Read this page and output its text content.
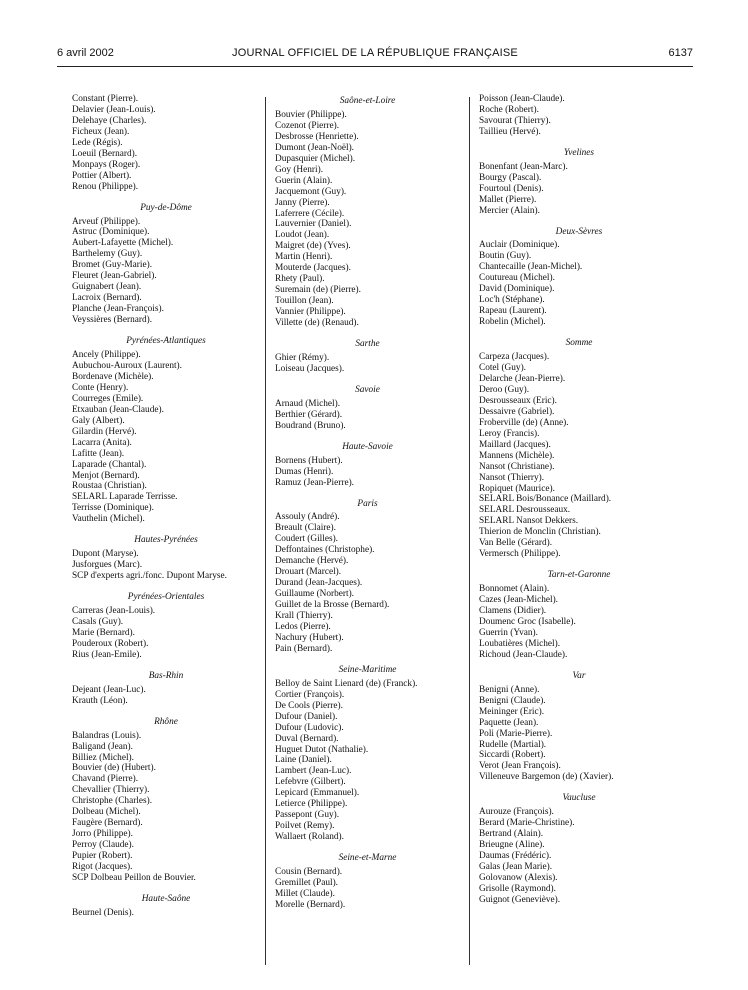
6 avril 2002	JOURNAL OFFICIEL DE LA RÉPUBLIQUE FRANÇAISE	6137
Constant (Pierre).
Delavier (Jean-Louis).
Delehaye (Charles).
Ficheux (Jean).
Lede (Régis).
Loeuil (Bernard).
Monpays (Roger).
Pottier (Albert).
Renou (Philippe).
Puy-de-Dôme
Arveuf (Philippe).
Astruc (Dominique).
Aubert-Lafayette (Michel).
Barthelemy (Guy).
Bromet (Guy-Marie).
Fleuret (Jean-Gabriel).
Guignabert (Jean).
Lacroix (Bernard).
Planche (Jean-François).
Veyssières (Bernard).
Pyrénées-Atlantiques
Ancely (Philippe).
Aubuchou-Auroux (Laurent).
Bordenave (Michèle).
Conte (Henry).
Courreges (Emile).
Etxauban (Jean-Claude).
Galy (Albert).
Gilardin (Hervé).
Lacarra (Anita).
Lafitte (Jean).
Laparade (Chantal).
Menjot (Bernard).
Roustaa (Christian).
SELARL Laparade Terrisse.
Terrisse (Dominique).
Vauthelin (Michel).
Hautes-Pyrénées
Dupont (Maryse).
Jusforgues (Marc).
SCP d'experts agri./fonc. Dupont Maryse.
Pyrénées-Orientales
Carreras (Jean-Louis).
Casals (Guy).
Marie (Bernard).
Pouderoux (Robert).
Rius (Jean-Emile).
Bas-Rhin
Dejeant (Jean-Luc).
Krauth (Léon).
Rhône
Balandras (Louis).
Baligand (Jean).
Billiez (Michel).
Bouvier (de) (Hubert).
Chavand (Pierre).
Chevallier (Thierry).
Christophe (Charles).
Dolbeau (Michel).
Faugère (Bernard).
Jorro (Philippe).
Perroy (Claude).
Pupier (Robert).
Rigot (Jacques).
SCP Dolbeau Peillon de Bouvier.
Haute-Saône
Beurnel (Denis).
Saône-et-Loire
Bouvier (Philippe).
Cozenot (Pierre).
Desbrosse (Henriette).
Dumont (Jean-Noël).
Dupasquier (Michel).
Goy (Henri).
Guerin (Alain).
Jacquemont (Guy).
Janny (Pierre).
Laferrere (Cécile).
Lauvernier (Daniel).
Loudot (Jean).
Maigret (de) (Yves).
Martin (Henri).
Mouterde (Jacques).
Rhety (Paul).
Suremain (de) (Pierre).
Touillon (Jean).
Vannier (Philippe).
Villette (de) (Renaud).
Sarthe
Ghier (Rémy).
Loiseau (Jacques).
Savoie
Arnaud (Michel).
Berthier (Gérard).
Boudrand (Bruno).
Haute-Savoie
Bornens (Hubert).
Dumas (Henri).
Ramuz (Jean-Pierre).
Paris
Assouly (André).
Breault (Claire).
Coudert (Gilles).
Deffontaines (Christophe).
Demanche (Hervé).
Drouart (Marcel).
Durand (Jean-Jacques).
Guillaume (Norbert).
Guillet de la Brosse (Bernard).
Krall (Thierry).
Ledos (Pierre).
Nachury (Hubert).
Pain (Bernard).
Seine-Maritime
Belloy de Saint Lienard (de) (Franck).
Cortier (François).
De Cools (Pierre).
Dufour (Daniel).
Dufour (Ludovic).
Duval (Bernard).
Huguet Dutot (Nathalie).
Laine (Daniel).
Lambert (Jean-Luc).
Lefebvre (Gilbert).
Lepicard (Emmanuel).
Letierce (Philippe).
Passepont (Guy).
Poilvet (Remy).
Wallaert (Roland).
Seine-et-Marne
Cousin (Bernard).
Gremillet (Paul).
Millet (Claude).
Morelle (Bernard).
Poisson (Jean-Claude).
Roche (Robert).
Savourat (Thierry).
Taillieu (Hervé).
Yvelines
Bonenfant (Jean-Marc).
Bourgy (Pascal).
Fourtoul (Denis).
Mallet (Pierre).
Mercier (Alain).
Deux-Sèvres
Auclair (Dominique).
Boutin (Guy).
Chantecaille (Jean-Michel).
Coutureau (Michel).
David (Dominique).
Loc'h (Stéphane).
Rapeau (Laurent).
Robelin (Michel).
Somme
Carpeza (Jacques).
Cotel (Guy).
Delarche (Jean-Pierre).
Deroo (Guy).
Desrousseaux (Eric).
Dessaivre (Gabriel).
Froberville (de) (Anne).
Leroy (Francis).
Maillard (Jacques).
Mannens (Michèle).
Nansot (Christiane).
Nansot (Thierry).
Ropiquet (Maurice).
SELARL Bois/Bonance (Maillard).
SELARL Desrousseaux.
SELARL Nansot Dekkers.
Thierion de Monclin (Christian).
Van Belle (Gérard).
Vermersch (Philippe).
Tarn-et-Garonne
Bonnomet (Alain).
Cazes (Jean-Michel).
Clamens (Didier).
Doumenc Groc (Isabelle).
Guerrin (Yvan).
Loubatières (Michel).
Richoud (Jean-Claude).
Var
Benigni (Anne).
Benigni (Claude).
Meininger (Eric).
Paquette (Jean).
Poli (Marie-Pierre).
Rudelle (Martial).
Siccardi (Robert).
Verot (Jean François).
Villeneuve Bargemon (de) (Xavier).
Vaucluse
Aurouze (François).
Berard (Marie-Christine).
Bertrand (Alain).
Brieugne (Aline).
Daumas (Frédéric).
Galas (Jean Marie).
Golovanow (Alexis).
Grisolle (Raymond).
Guignot (Geneviève).
